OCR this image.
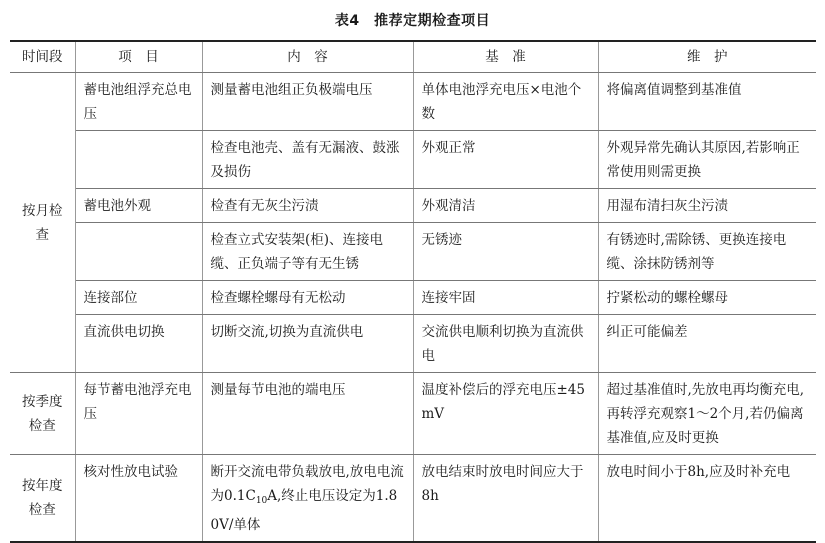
表4　推荐定期检查项目
时间段	项　目	内　容	基　准	维　护
按月检查	蓄电池组浮充总电压	测量蓄电池组正负极端电压	单体电池浮充电压×电池个数	将偏离值调整到基准值
		检查电池壳、盖有无漏液、鼓涨及损伤	外观正常	外观异常先确认其原因,若影响正常使用则需更换
	蓄电池外观	检查有无灰尘污渍	外观清洁	用湿布清扫灰尘污渍
		检查立式安装架(柜)、连接电缆、正负端子等有无生锈	无锈迹	有锈迹时,需除锈、更换连接电缆、涂抹防锈剂等
	连接部位	检查螺栓螺母有无松动	连接牢固	拧紧松动的螺栓螺母
	直流供电切换	切断交流,切换为直流供电	交流供电顺利切换为直流供电	纠正可能偏差
按季度检查	每节蓄电池浮充电压	测量每节电池的端电压	温度补偿后的浮充电压±45mV	超过基准值时,先放电再均衡充电,再转浮充观察1～2个月,若仍偏离基准值,应及时更换
按年度检查	核对性放电试验	断开交流电带负载放电,放电电流为$0.1C_{10}A$,终止电压设定为1.80V/单体	放电结束时放电时间应大于8h	放电时间小于8h,应及时补充电
